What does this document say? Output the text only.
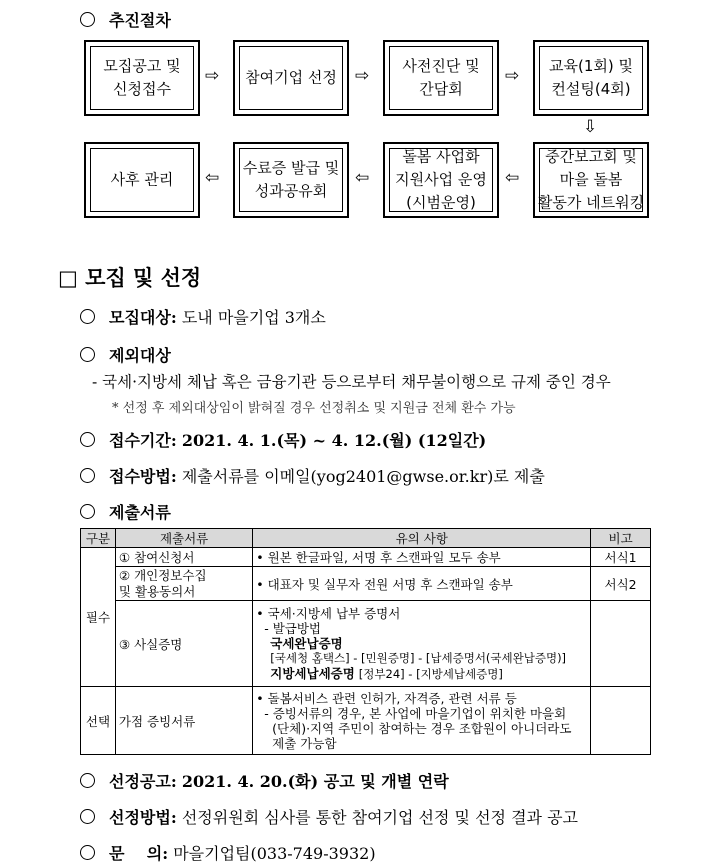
추진절차
모집공고 및
신청접수
⇨	참여기업 선정	⇨	사전진단 및
간담회
⇨	교육(1회) 및
컨설팅(4회)
⇩
사후 관리	⇦	수료증 발급 및
성과공유회
⇦
돌봄 사업화
지원사업 운영
(시범운영)
⇦
중간보고회 및
마을 돌봄
활동가 네트워킹
□ 모집 및 선정
모집대상: 도내 마을기업 3개소
제외대상
- 국세·지방세 체납 혹은 금융기관 등으로부터 채무불이행으로 규제 중인 경우
* 선정 후 제외대상임이 밝혀질 경우 선정취소 및 지원금 전체 환수 가능
접수기간: 2021. 4. 1.(목) ~ 4. 12.(월) (12일간)
접수방법: 제출서류를 이메일(yog2401@gwse.or.kr)로 제출
제출서류
구분	제출서류	유의 사항	비고
필수	① 참여신청서	• 원본 한글파일, 서명 후 스캔파일 모두 송부	서식1
	② 개인정보수집
및 활용동의서	• 대표자 및 실무자 전원 서명 후 스캔파일 송부	서식2
	③ 사실증명	• 국세·지방세 납부 증명서
- 발급방법
국세완납증명
[국세청 홈택스] - [민원증명] - [납세증명서(국세완납증명)]
지방세납세증명 [정부24] - [지방세납세증명]	

선택	가점 증빙서류	• 돌봄서비스 관련 인허가, 자격증, 관련 서류 등
- 증빙서류의 경우, 본 사업에 마을기업이 위치한 마을회
(단체)·지역 주민이 참여하는 경우 조합원이 아니더라도
제출 가능함	

선정공고: 2021. 4. 20.(화) 공고 및 개별 연락
선정방법: 선정위원회 심사를 통한 참여기업 선정 및 선정 결과 공고
문    의: 마을기업팀(033-749-3932)
